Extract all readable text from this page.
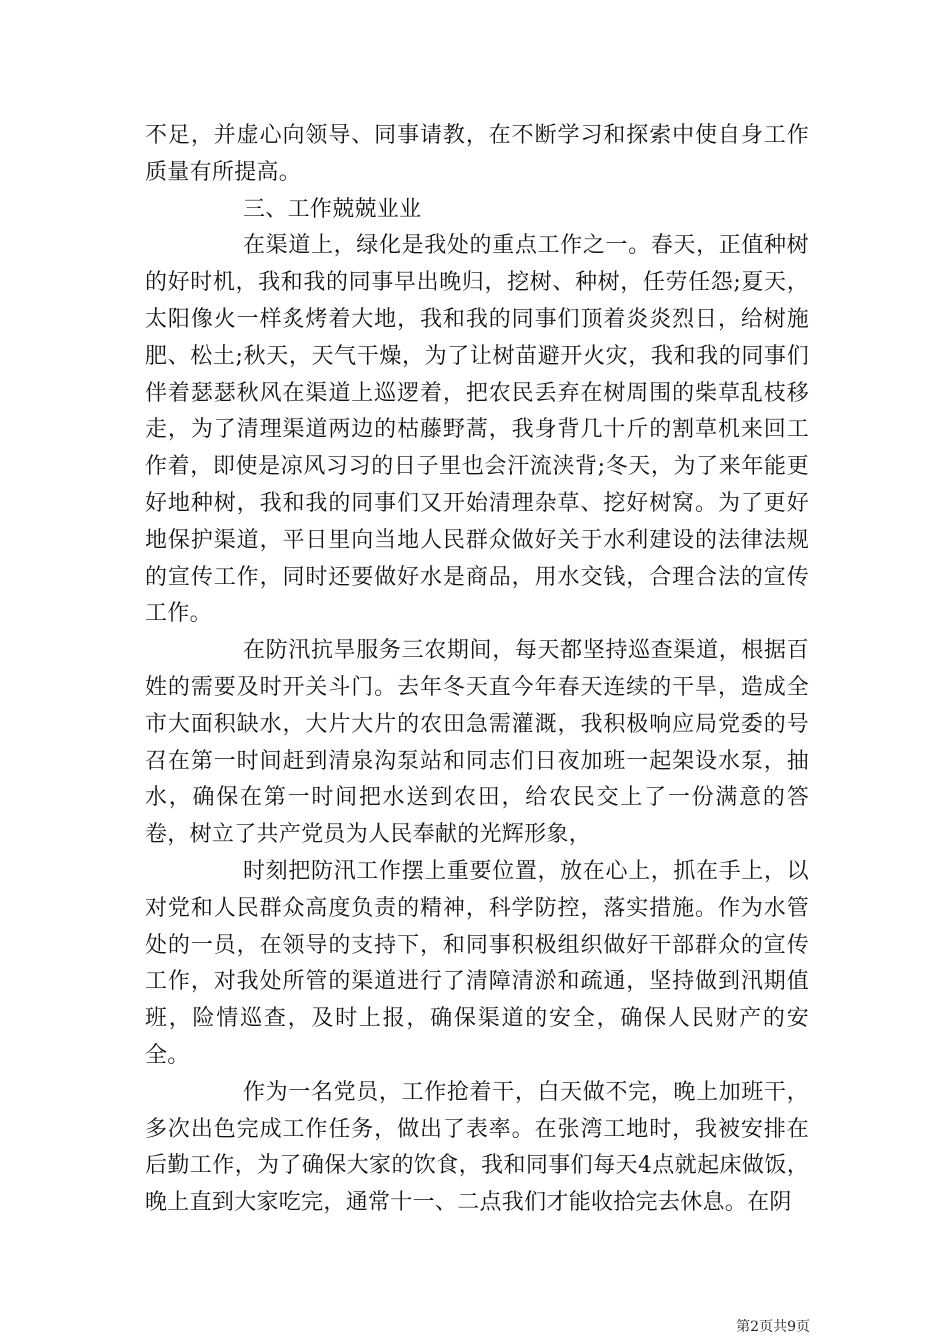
不足，并虚心向领导、同事请教，在不断学习和探索中使自身工作质量有所提高。

三、工作兢兢业业

在渠道上，绿化是我处的重点工作之一。春天，正值种树的好时机，我和我的同事早出晚归，挖树、种树，任劳任怨;夏天，太阳像火一样炙烤着大地，我和我的同事们顶着炎炎烈日，给树施肥、松土;秋天，天气干燥，为了让树苗避开火灾，我和我的同事们伴着瑟瑟秋风在渠道上巡逻着，把农民丢弃在树周围的柴草乱枝移走，为了清理渠道两边的枯藤野蒿，我身背几十斤的割草机来回工作着，即使是凉风习习的日子里也会汗流浃背;冬天，为了来年能更好地种树，我和我的同事们又开始清理杂草、挖好树窝。为了更好地保护渠道，平日里向当地人民群众做好关于水利建设的法律法规的宣传工作，同时还要做好水是商品，用水交钱，合理合法的宣传工作。

在防汛抗旱服务三农期间，每天都坚持巡查渠道，根据百姓的需要及时开关斗门。去年冬天直今年春天连续的干旱，造成全市大面积缺水，大片大片的农田急需灌溉，我积极响应局党委的号召在第一时间赶到清泉沟泵站和同志们日夜加班一起架设水泵，抽水，确保在第一时间把水送到农田，给农民交上了一份满意的答卷，树立了共产党员为人民奉献的光辉形象，

时刻把防汛工作摆上重要位置，放在心上，抓在手上，以对党和人民群众高度负责的精神，科学防控，落实措施。作为水管处的一员，在领导的支持下，和同事积极组织做好干部群众的宣传工作，对我处所管的渠道进行了清障清淤和疏通，坚持做到汛期值班，险情巡查，及时上报，确保渠道的安全，确保人民财产的安全。

作为一名党员，工作抢着干，白天做不完，晚上加班干，多次出色完成工作任务，做出了表率。在张湾工地时，我被安排在后勤工作，为了确保大家的饮食，我和同事们每天4点就起床做饭，晚上直到大家吃完，通常十一、二点我们才能收拾完去休息。在阴

第2页共9页
